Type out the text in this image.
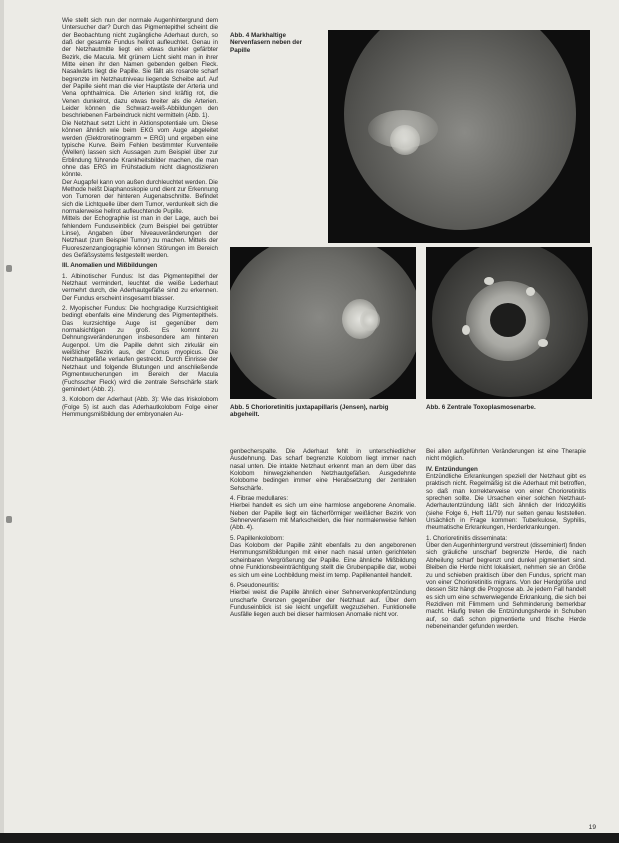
Wie stellt sich nun der normale Augenhintergrund dem Untersucher dar? Durch das Pigmentepithel scheint die der Beobachtung nicht zugängliche Aderhaut durch, so daß der gesamte Fundus hellrot aufleuchtet. Genau in der Netzhautmitte liegt ein etwas dunkler gefärbter Bezirk, die Macula. Mit grünem Licht sieht man in ihrer Mitte einen ihr den Namen gebenden gelben Fleck. Nasalwärts liegt die Papille. Sie fällt als rosarote scharf begrenzte im Netzhautniveau liegende Scheibe auf. Auf der Papille sieht man die vier Hauptäste der Arteria und Vena ophthalmica. Die Arterien sind kräftig rot, die Venen dunkelrot, dazu etwas breiter als die Arterien. Leider können die Schwarz-weiß-Abbildungen den beschriebenen Farbeindruck nicht vermitteln (Abb. 1).

Die Netzhaut setzt Licht in Aktionspotentiale um. Diese können ähnlich wie beim EKG vom Auge abgeleitet werden (Elektroretinogramm = ERG) und ergeben eine typische Kurve. Beim Fehlen bestimmter Kurventeile (Wellen) lassen sich Aussagen zum Beispiel über zur Erblindung führende Krankheitsbilder machen, die man ohne das ERG im Frühstadium nicht diagnostizieren könnte.

Der Augapfel kann von außen durchleuchtet werden. Die Methode heißt Diaphanoskopie und dient zur Erkennung von Tumoren der hinteren Augenabschnitte. Befindet sich die Lichtquelle über dem Tumor, verdunkelt sich die normalerweise hellrot aufleuchtende Pupille.

Mittels der Echographie ist man in der Lage, auch bei fehlendem Funduseinblick (zum Beispiel bei getrübter Linse), Angaben über Niveauveränderungen der Netzhaut (zum Beispiel Tumor) zu machen. Mittels der Fluoreszenzangiographie können Störungen im Bereich des Gefäßsystems festgestellt werden.

III. Anomalien und Mißbildungen

1. Albinotischer Fundus: Ist das Pigmentepithel der Netzhaut vermindert, leuchtet die weiße Lederhaut vermehrt durch, die Aderhautgefäße sind zu erkennen. Der Fundus erscheint insgesamt blasser.

2. Myopischer Fundus: Die hochgradige Kurzsichtigkeit bedingt ebenfalls eine Minderung des Pigmentepithels. Das kurzsichtige Auge ist gegenüber dem normalsichtigen zu groß. Es kommt zu Dehnungsveränderungen insbesondere am hinteren Augenpol. Um die Papille dehnt sich zirkulär ein weißlicher Bezirk aus, der Conus myopicus. Die Netzhautgefäße verlaufen gestreckt. Durch Einrisse der Netzhaut und folgende Blutungen und anschließende Pigmentwucherungen im Bereich der Macula (Fuchsscher Fleck) wird die zentrale Sehschärfe stark gemindert (Abb. 2).

3. Kolobom der Aderhaut (Abb. 3): Wie das Iriskolobom (Folge 5) ist auch das Aderhautkolobom Folge einer Hemmungsmißbildung der embryonalen Au-

Abb. 4 Markhaltige Nervenfasern neben der Papille
Abb. 5 Chorioretinitis juxtapapillaris (Jensen), narbig abgeheilt.
Abb. 6 Zentrale Toxoplasmosenarbe.

genbecherspalte. Die Aderhaut fehlt in unterschiedlicher Ausdehnung. Das scharf begrenzte Kolobom liegt immer nach nasal unten. Die intakte Netzhaut erkennt man an dem über das Kolobom hinwegziehenden Netzhautgefäßen. Ausgedehnte Kolobome bedingen immer eine Herabsetzung der zentralen Sehschärfe.

4. Fibrae medullares:

Hierbei handelt es sich um eine harmlose angeborene Anomalie. Neben der Papille liegt ein fächerförmiger weißlicher Bezirk von Sehnervenfasern mit Markscheiden, die hier normalerweise fehlen (Abb. 4).

5. Papillenkolobom:

Das Kolobom der Papille zählt ebenfalls zu den angeborenen Hemmungsmißbildungen mit einer nach nasal unten gerichteten scheinbaren Vergrößerung der Papille. Eine ähnliche Mißbildung ohne Funktionsbeeinträchtigung stellt die Grubenpapille dar, wobei es sich um eine Lochbildung meist im temp. Papillenanteil handelt.

6. Pseudoneuritis:

Hierbei weist die Papille ähnlich einer Sehnervenkopfentzündung unscharfe Grenzen gegenüber der Netzhaut auf. Über dem Funduseinblick ist sie leicht ungefüllt wegzuziehen. Funktionelle Ausfälle liegen auch bei dieser harmlosen Anomalie nicht vor.

Bei allen aufgeführten Veränderungen ist eine Therapie nicht möglich.

IV. Entzündungen

Entzündliche Erkrankungen speziell der Netzhaut gibt es praktisch nicht. Regelmäßig ist die Aderhaut mit betroffen, so daß man korrekterweise von einer Chorioretinitis sprechen sollte. Die Ursachen einer solchen Netzhaut-Aderhautentzündung läßt sich ähnlich der Iridozyklitis (siehe Folge 6, Heft 11/79) nur selten genau feststellen. Ursächlich in Frage kommen: Tuberkulose, Syphilis, rheumatische Erkrankungen, Herderkrankungen.

1. Chorioretinitis disseminata:

Über den Augenhintergrund verstreut (disseminiert) finden sich gräuliche unscharf begrenzte Herde, die nach Abheilung scharf begrenzt und dunkel pigmentiert sind. Bleiben die Herde nicht lokalisiert, nehmen sie an Größe zu und schieben praktisch über den Fundus, spricht man von einer Chorioretinitis migrans. Von der Herdgröße und dessen Sitz hängt die Prognose ab. Je jedem Fall handelt es sich um eine schwerwiegende Erkrankung, die sich bei Rezidiven mit Flimmern und Sehminderung bemerkbar macht. Häufig treten die Entzündungsherde in Schuben auf, so daß schon pigmentierte und frische Herde nebeneinander gefunden werden.

19
